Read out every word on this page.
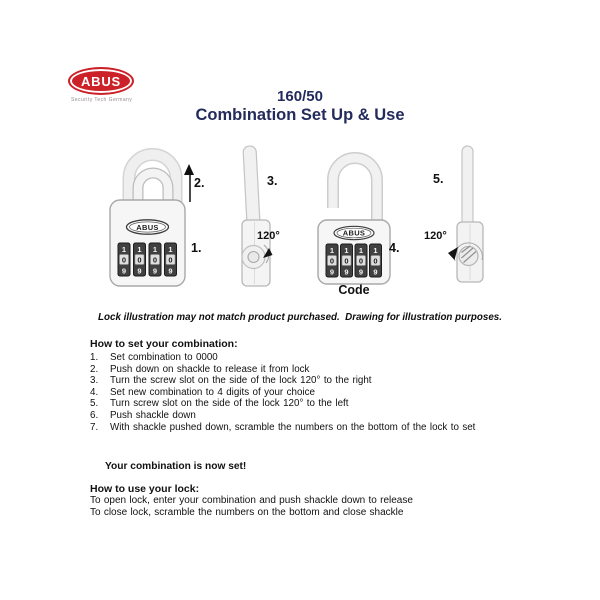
ABUS
Security Tech Germany	160/50
Combination Set Up & Use
ABUS
1
0
9
1
0
9
1
0
9
1
0
9
2.
1.
3.
120°	ABUS
1
0
9
1
0
9
1
0
9
1
0
9
4.
Code
5.
120°
Lock illustration may not match product purchased.  Drawing for illustration purposes.
How to set your combination:
1.	Set combination to 0000
2.	Push down on shackle to release it from lock
3.	Turn the screw slot on the side of the lock 120° to the right
4.	Set new combination to 4 digits of your choice
5.	Turn screw slot on the side of the lock 120° to the left
6.	Push shackle down
7.	With shackle pushed down, scramble the numbers on the bottom of the lock to set
Your combination is now set!
How to use your lock:
To open lock, enter your combination and push shackle down to release
To close lock, scramble the numbers on the bottom and close shackle
